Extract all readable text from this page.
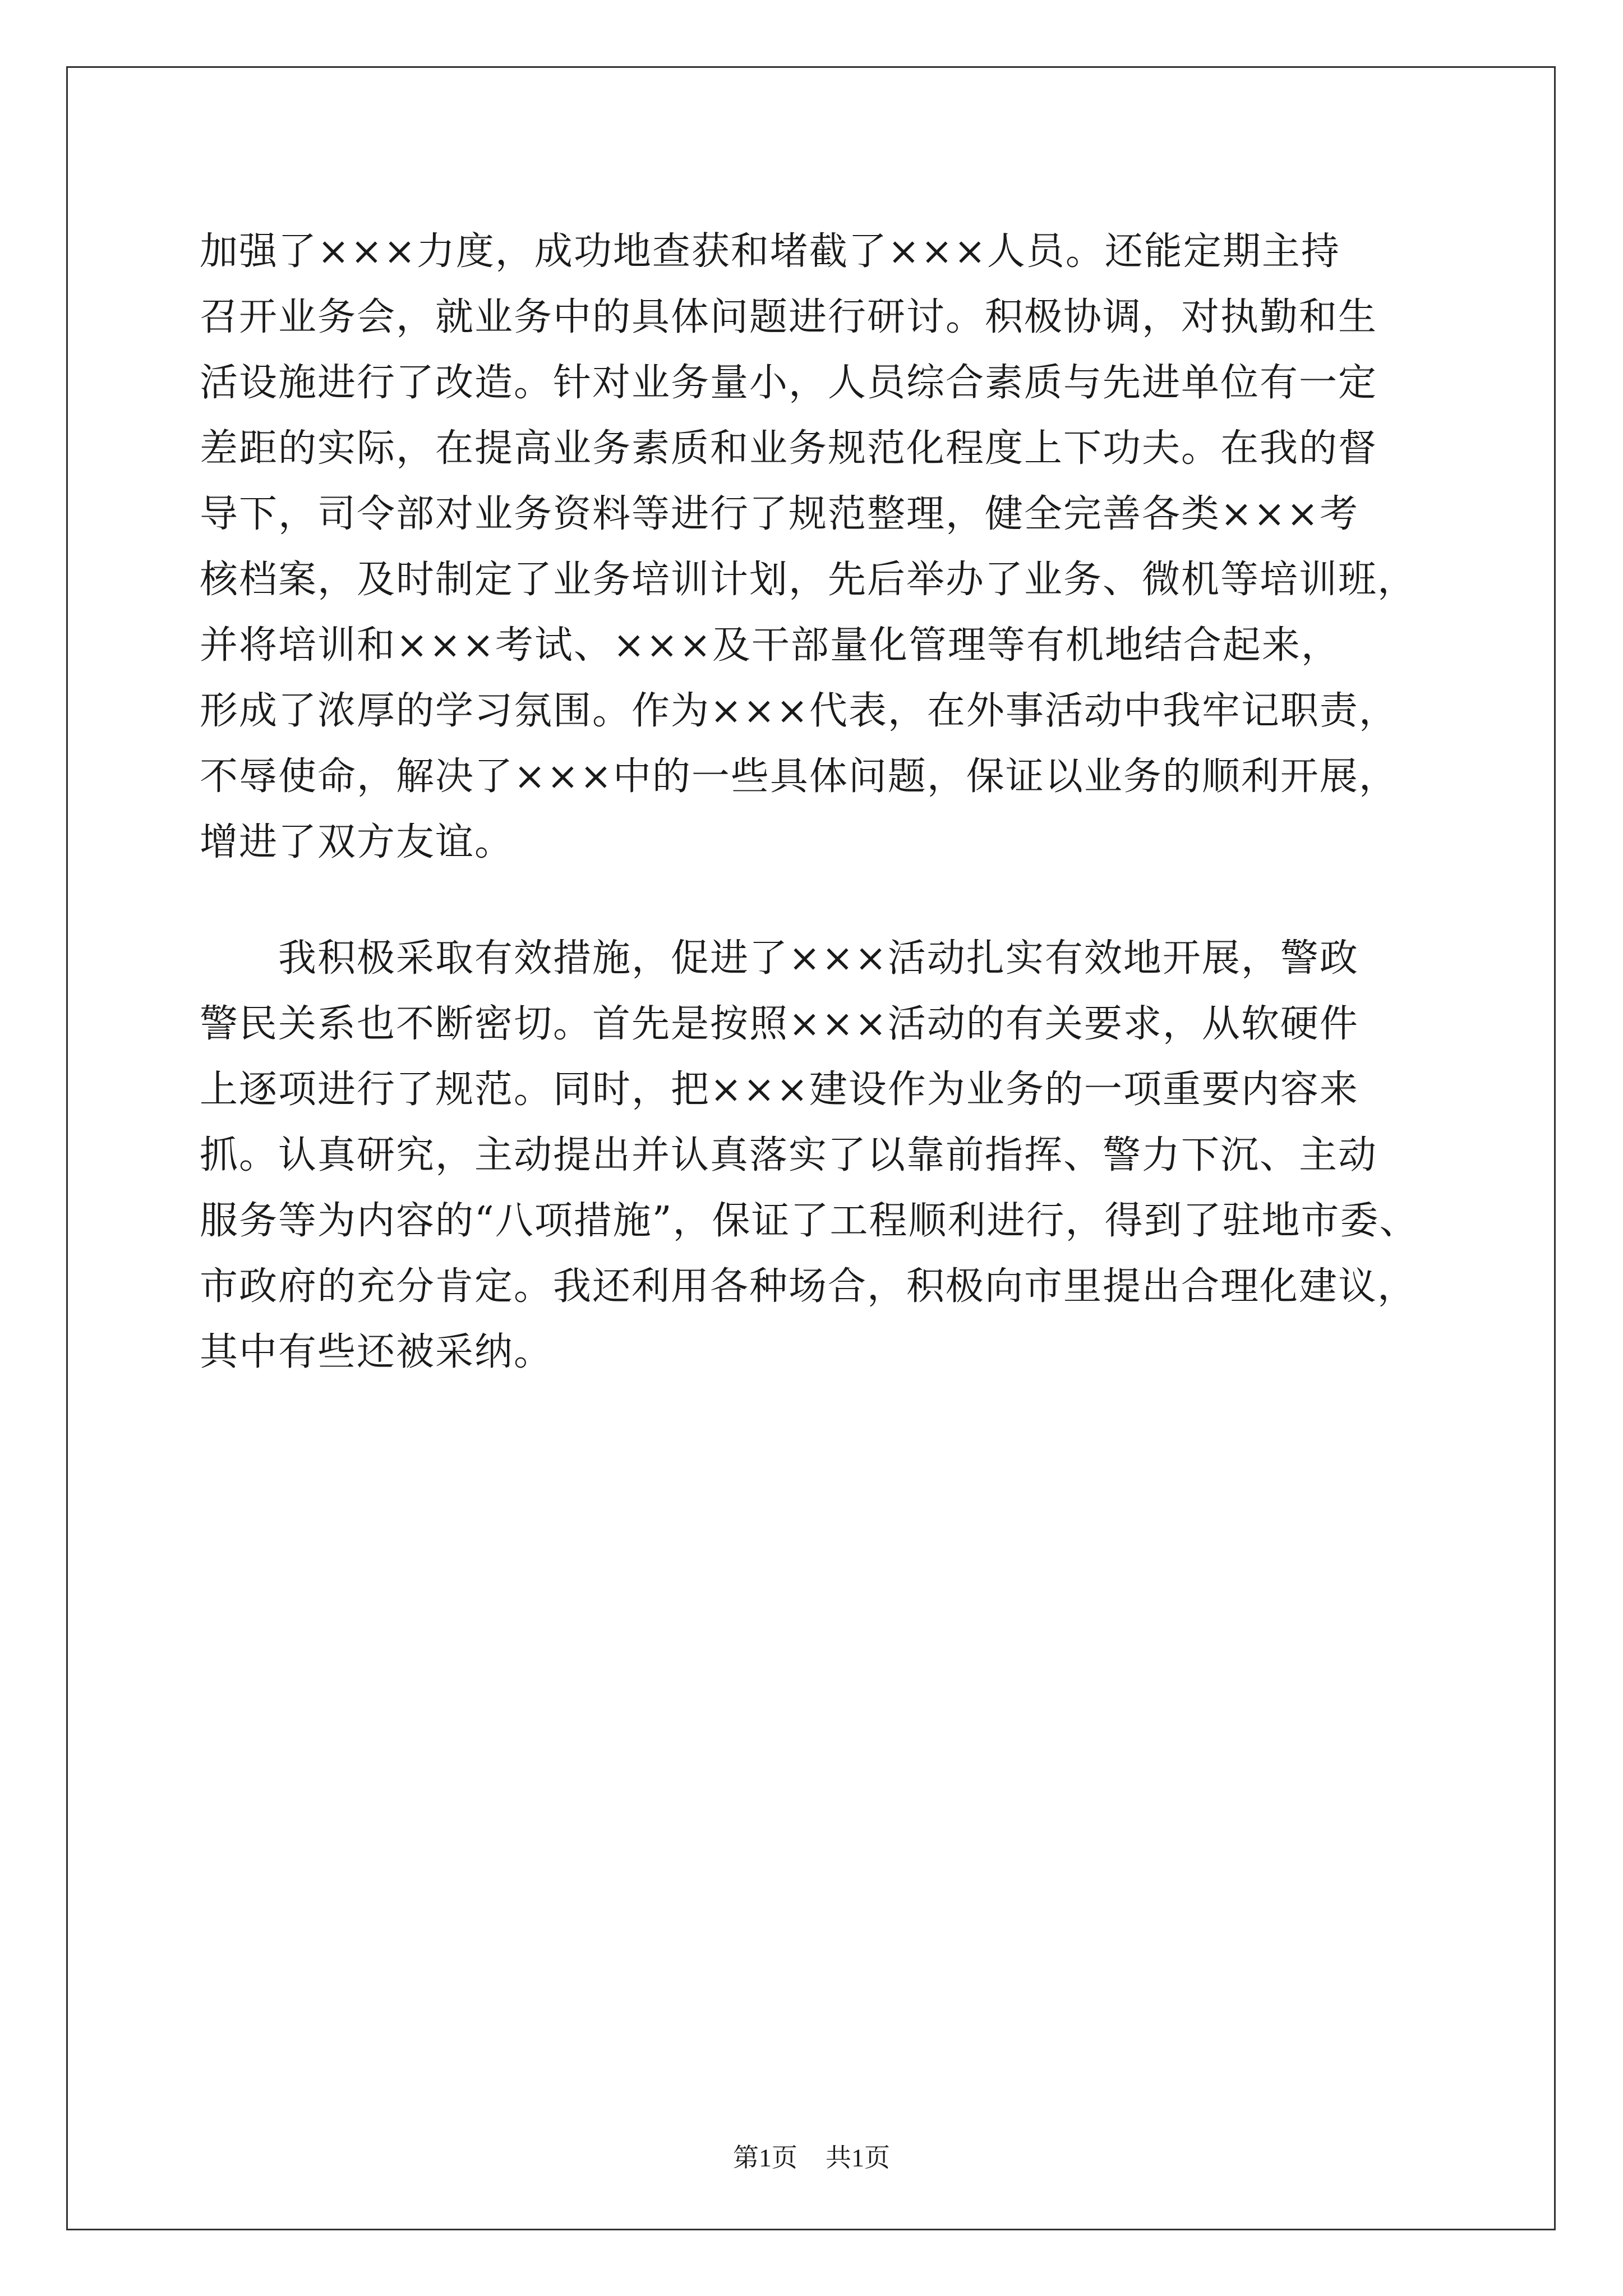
加强了×××力度，成功地查获和堵截了×××人员。还能定期主持
召开业务会，就业务中的具体问题进行研讨。积极协调，对执勤和生
活设施进行了改造。针对业务量小，人员综合素质与先进单位有一定
差距的实际，在提高业务素质和业务规范化程度上下功夫。在我的督
导下，司令部对业务资料等进行了规范整理，健全完善各类×××考
核档案，及时制定了业务培训计划，先后举办了业务、微机等培训班，
并将培训和×××考试、×××及干部量化管理等有机地结合起来，
形成了浓厚的学习氛围。作为×××代表，在外事活动中我牢记职责，
不辱使命，解决了×××中的一些具体问题，保证以业务的顺利开展，
增进了双方友谊。
　　我积极采取有效措施，促进了×××活动扎实有效地开展，警政
警民关系也不断密切。首先是按照×××活动的有关要求，从软硬件
上逐项进行了规范。同时，把×××建设作为业务的一项重要内容来
抓。认真研究，主动提出并认真落实了以靠前指挥、警力下沉、主动
服务等为内容的“八项措施”，保证了工程顺利进行，得到了驻地市委、
市政府的充分肯定。我还利用各种场合，积极向市里提出合理化建议，
其中有些还被采纳。
第1页 共1页
